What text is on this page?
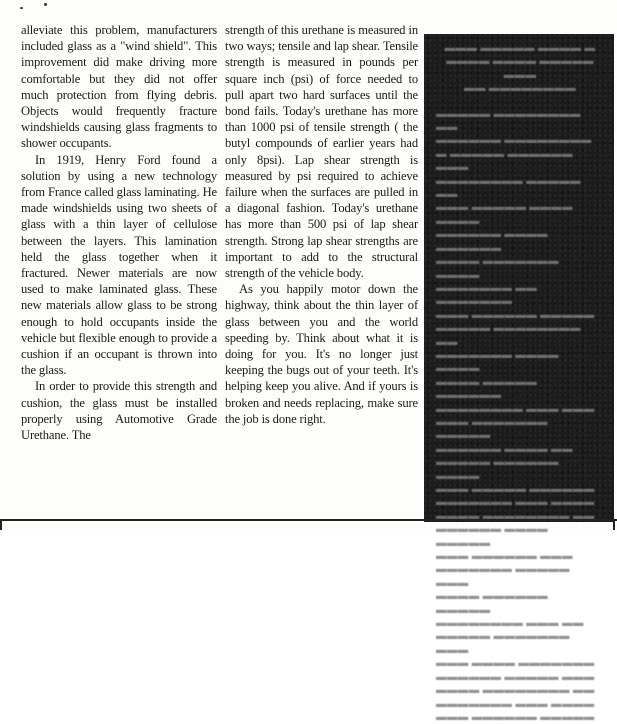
alleviate this problem, manufacturers included glass as a "wind shield". This improvement did make driving more comfortable but they did not offer much protection from flying debris. Objects would frequently fracture windshields causing glass fragments to shower occupants.

In 1919, Henry Ford found a solution by using a new technology from France called glass laminating. He made windshields using two sheets of glass with a thin layer of cellulose between the layers. This lamination held the glass together when it fractured. Newer materials are now used to make laminated glass. These new materials allow glass to be strong enough to hold occupants inside the vehicle but flexible enough to provide a cushion if an occupant is thrown into the glass.

In order to provide this strength and cushion, the glass must be installed properly using Automotive Grade Urethane. The

strength of this urethane is measured in two ways; tensile and lap shear. Tensile strength is measured in pounds per square inch (psi) of force needed to pull apart two hard surfaces until the bond fails. Today's urethane has more than 1000 psi of tensile strength ( the butyl compounds of earlier years had only 8psi). Lap shear strength is measured by psi required to achieve failure when the surfaces are pulled in a diagonal fashion. Today's urethane has more than 500 psi of lap shear strength. Strong lap shear strengths are important to add to the structural strength of the vehicle body.

As you happily motor down the highway, think about the thin layer of glass between you and the world speeding by. Think about what it is doing for you. It's no longer just keeping the bugs out of your teeth. It's helping keep you alive. And if yours is broken and needs replacing, make sure the job is done right.

▬▬▬ ▬▬▬▬▬ ▬▬▬▬ ▬

▬▬▬▬ ▬▬▬▬ ▬▬▬▬▬ ▬▬▬

▬▬ ▬▬▬▬▬▬▬▬

▬▬▬▬▬ ▬▬▬▬▬▬▬▬ ▬▬

▬▬▬▬▬▬ ▬▬▬▬▬▬▬▬

▬ ▬▬▬▬▬ ▬▬▬▬▬▬ ▬▬▬

▬▬▬▬▬▬▬▬ ▬▬▬▬▬ ▬▬

▬▬▬ ▬▬▬▬▬ ▬▬▬▬ ▬▬▬▬

▬▬▬▬▬▬ ▬▬▬▬ ▬▬▬▬▬▬

▬▬▬▬ ▬▬▬▬▬▬▬ ▬▬▬▬

▬▬▬▬▬▬▬ ▬▬ ▬▬▬▬▬▬▬

▬▬▬ ▬▬▬▬▬▬ ▬▬▬▬▬

▬▬▬▬▬ ▬▬▬▬▬▬▬▬ ▬▬

▬▬▬▬▬▬▬ ▬▬▬▬ ▬▬▬▬

▬▬▬▬ ▬▬▬▬▬ ▬▬▬▬▬▬

▬▬▬▬▬▬▬▬ ▬▬▬ ▬▬▬

▬▬▬ ▬▬▬▬▬▬▬ ▬▬▬▬▬

▬▬▬▬▬▬ ▬▬▬▬ ▬▬

▬▬▬▬▬ ▬▬▬▬▬▬ ▬▬▬▬

▬▬▬ ▬▬▬▬▬ ▬▬▬▬▬▬

▬▬▬▬▬▬▬ ▬▬▬ ▬▬▬▬

▬▬▬▬ ▬▬▬▬▬▬▬▬ ▬▬

▬▬▬▬▬▬ ▬▬▬▬ ▬▬▬▬▬

▬▬▬ ▬▬▬▬▬▬ ▬▬▬

▬▬▬▬▬▬▬ ▬▬▬▬▬ ▬▬▬

▬▬▬▬ ▬▬▬▬▬▬ ▬▬▬▬▬

▬▬▬▬▬▬▬▬ ▬▬▬ ▬▬

▬▬▬▬▬ ▬▬▬▬▬▬▬ ▬▬▬

▬▬▬ ▬▬▬▬ ▬▬▬▬▬▬▬

▬▬▬▬▬▬ ▬▬▬▬▬ ▬▬▬

▬▬▬▬ ▬▬▬▬▬▬▬▬ ▬▬

▬▬▬▬▬▬▬ ▬▬▬ ▬▬▬▬

▬▬▬ ▬▬▬▬▬▬ ▬▬▬▬▬
